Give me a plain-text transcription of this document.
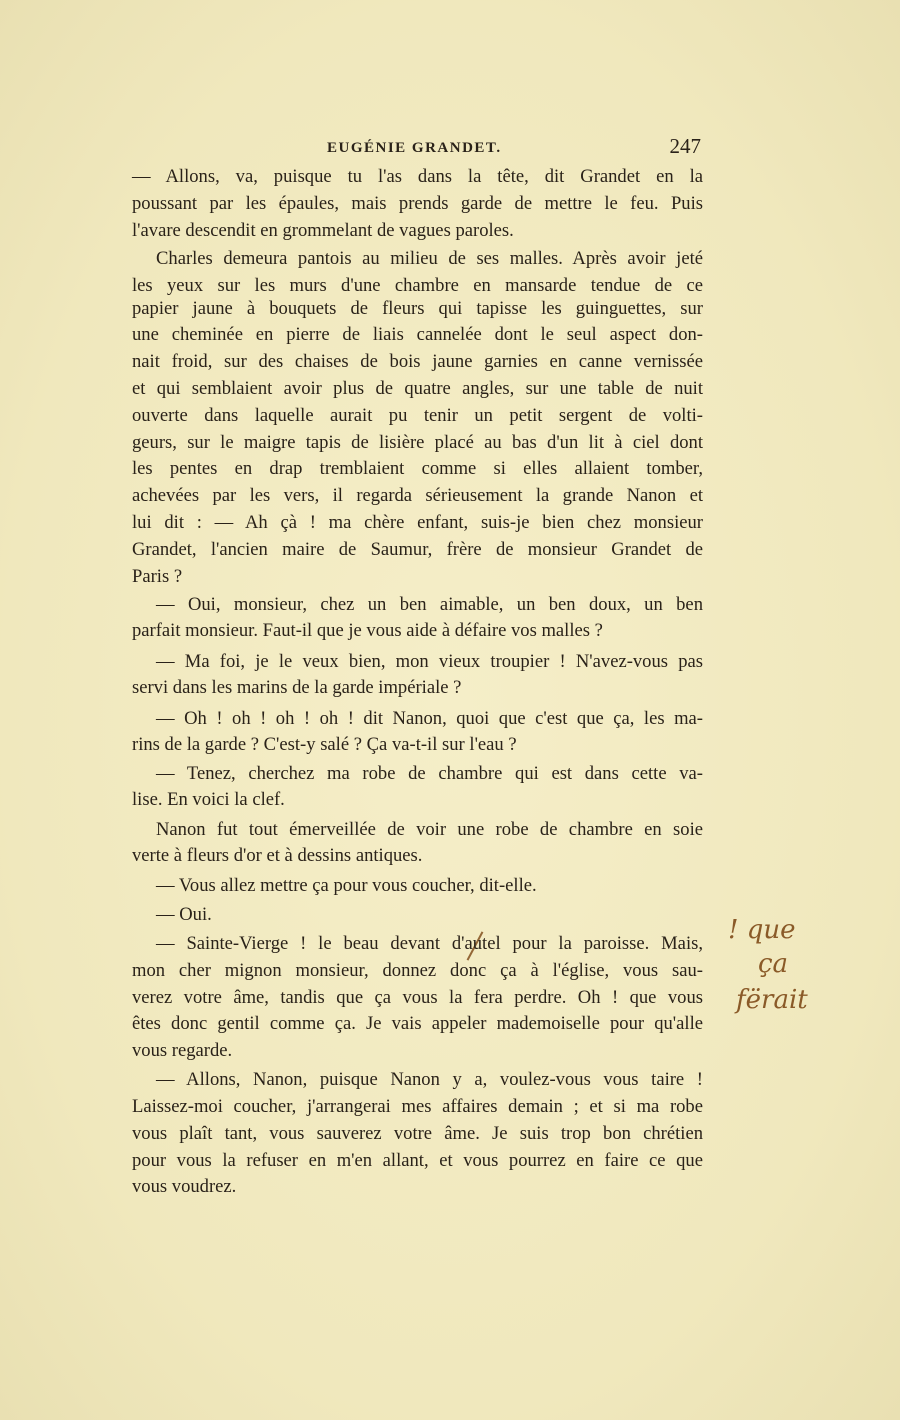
EUGÉNIE GRANDET.	247
— Allons, va, puisque tu l'as dans la tête, dit Grandet en la
poussant par les épaules, mais prends garde de mettre le feu. Puis
l'avare descendit en grommelant de vagues paroles.
Charles demeura pantois au milieu de ses malles. Après avoir jeté
les yeux sur les murs d'une chambre en mansarde tendue de ce
papier jaune à bouquets de fleurs qui tapisse les guinguettes, sur
une cheminée en pierre de liais cannelée dont le seul aspect don-
nait froid, sur des chaises de bois jaune garnies en canne vernissée
et qui semblaient avoir plus de quatre angles, sur une table de nuit
ouverte dans laquelle aurait pu tenir un petit sergent de volti-
geurs, sur le maigre tapis de lisière placé au bas d'un lit à ciel dont
les pentes en drap tremblaient comme si elles allaient tomber,
achevées par les vers, il regarda sérieusement la grande Nanon et
lui dit : — Ah çà ! ma chère enfant, suis-je bien chez monsieur
Grandet, l'ancien maire de Saumur, frère de monsieur Grandet de
Paris ?
— Oui, monsieur, chez un ben aimable, un ben doux, un ben
parfait monsieur. Faut-il que je vous aide à défaire vos malles ?
— Ma foi, je le veux bien, mon vieux troupier ! N'avez-vous pas
servi dans les marins de la garde impériale ?
— Oh ! oh ! oh ! oh ! dit Nanon, quoi que c'est que ça, les ma-
rins de la garde ? C'est-y salé ? Ça va-t-il sur l'eau ?
— Tenez, cherchez ma robe de chambre qui est dans cette va-
lise. En voici la clef.
Nanon fut tout émerveillée de voir une robe de chambre en soie
verte à fleurs d'or et à dessins antiques.
— Vous allez mettre ça pour vous coucher, dit-elle.
— Oui.
— Sainte-Vierge ! le beau devant d'autel pour la paroisse. Mais,
mon cher mignon monsieur, donnez donc ça à l'église, vous sau-
verez votre âme, tandis que ça vous la fera perdre. Oh ! que vous
êtes donc gentil comme ça. Je vais appeler mademoiselle pour qu'alle
vous regarde.
— Allons, Nanon, puisque Nanon y a, voulez-vous vous taire !
Laissez-moi coucher, j'arrangerai mes affaires demain ; et si ma robe
vous plaît tant, vous sauverez votre âme. Je suis trop bon chrétien
pour vous la refuser en m'en allant, et vous pourrez en faire ce que
vous voudrez.
! que
ça
fërait
